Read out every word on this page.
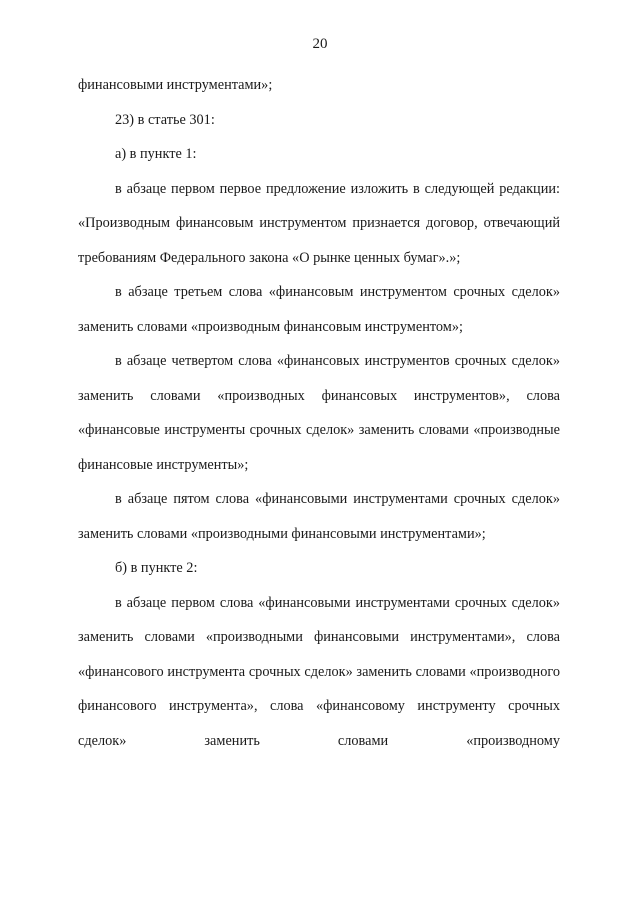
20

финансовыми инструментами»;

23) в статье 301:

а) в пункте 1:

в абзаце первом первое предложение изложить в следующей редакции: «Производным финансовым инструментом признается договор, отвечающий требованиям Федерального закона «О рынке ценных бумаг».»;

в абзаце третьем слова «финансовым инструментом срочных сделок» заменить словами «производным финансовым инструментом»;

в абзаце четвертом слова «финансовых инструментов срочных сделок» заменить словами «производных финансовых инструментов», слова «финансовые инструменты срочных сделок» заменить словами «производные финансовые инструменты»;

в абзаце пятом слова «финансовыми инструментами срочных сделок» заменить словами «производными финансовыми инструментами»;

б) в пункте 2:

в абзаце первом слова «финансовыми инструментами срочных сделок» заменить словами «производными финансовыми инструментами», слова «финансового инструмента срочных сделок» заменить словами «производного финансового инструмента», слова «финансовому инструменту срочных сделок» заменить словами «производному
